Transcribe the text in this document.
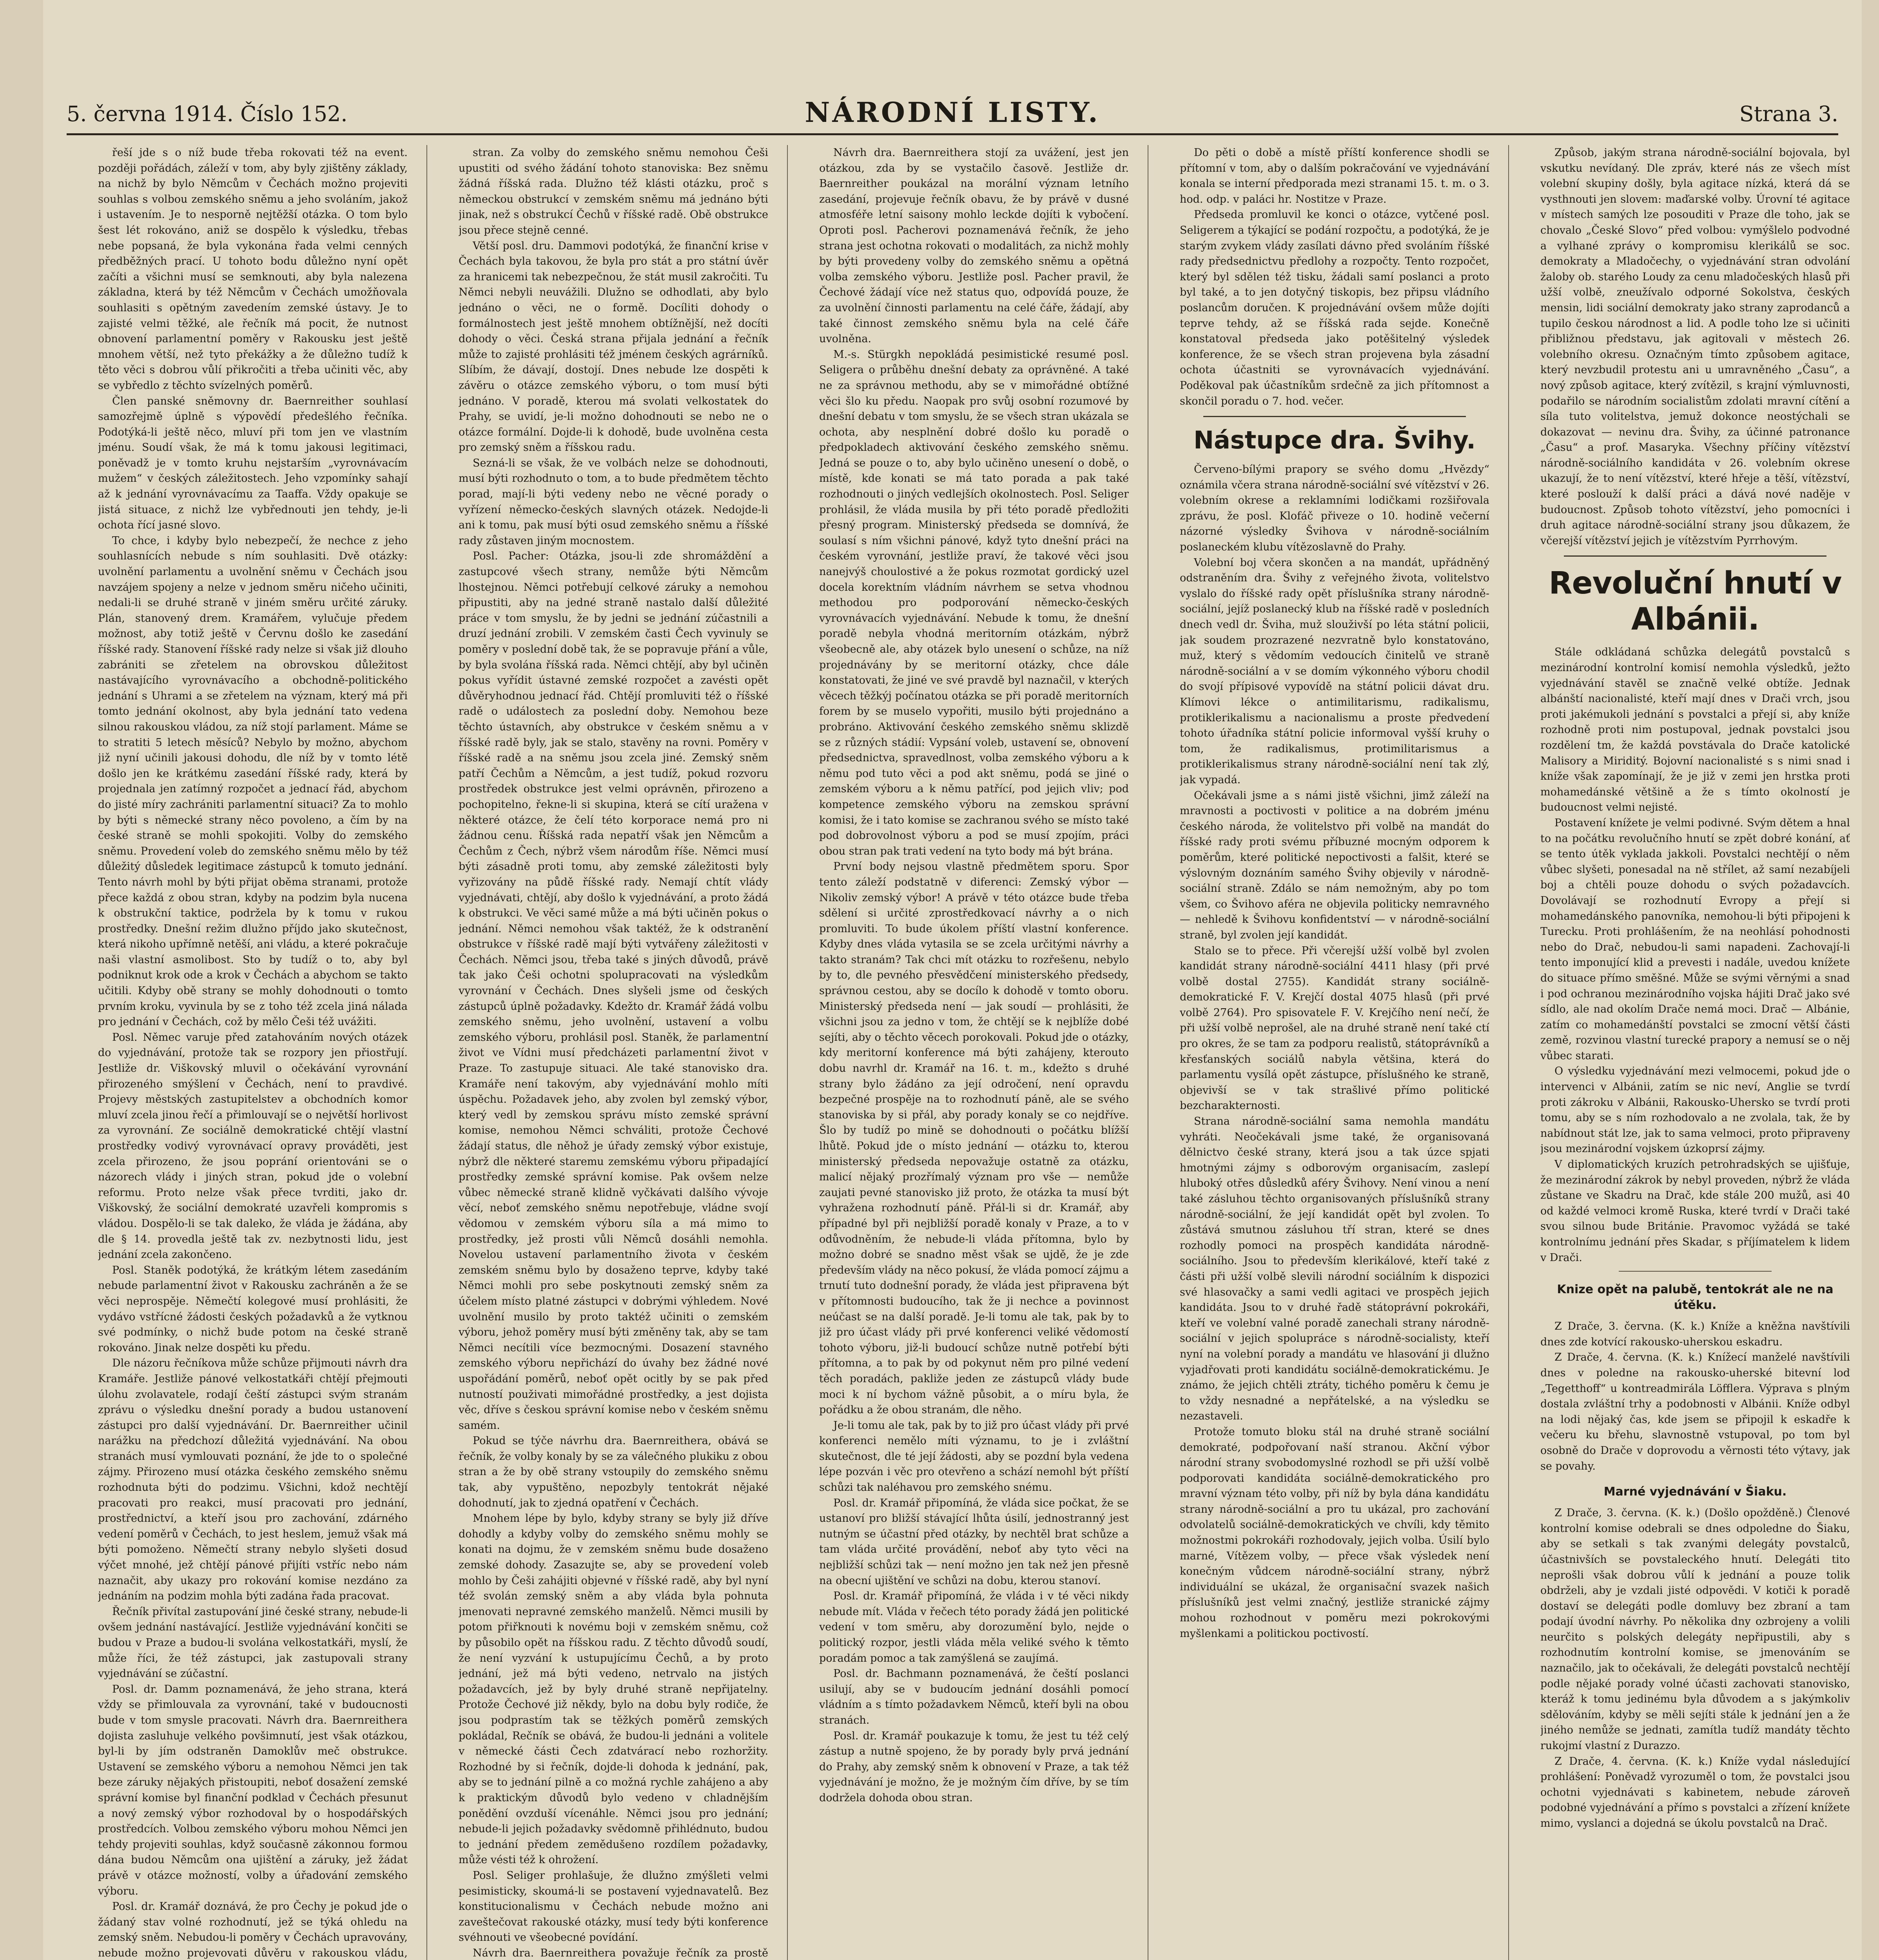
5. června 1914. Číslo 152.	NÁRODNÍ LISTY.	Strana 3.

řeší jde s o níž bude třeba rokovati též na event. později pořádách, záleží v tom, aby byly zjištěny základy, na nichž by bylo Němcům v Čechách možno projeviti souhlas s volbou zemského sněmu a jeho svoláním, jakož i ustavením. Je to nesporně nejtěžší otázka. O tom bylo šest lét rokováno, aniž se dospělo k výsledku, třebas nebe popsaná, že byla vykonána řada velmi cenných předběžných prací. U tohoto bodu důležno nyní opět začíti a všichni musí se semknouti, aby byla nalezena základna, která by též Němcům v Čechách umožňovala souhlasiti s opětným zavedením zemské ústavy. Je to zajisté velmi těžké, ale řečník má pocit, že nutnost obnovení parlamentní poměry v Rakousku jest ještě mnohem větší, než tyto překážky a že důležno tudíž k těto věci s dobrou vůlí přikročiti a třeba učiniti věc, aby se vybředlo z těchto svízelných poměrů.

Člen panské sněmovny dr. Baernreither souhlasí samozřejmě úplně s výpovědí předešlého řečníka. Podotýká-li ještě něco, mluví při tom jen ve vlastním jménu. Soudí však, že má k tomu jakousi legitimaci, poněvadž je v tomto kruhu nejstarším „vyrovnávacím mužem“ v českých záležitostech. Jeho vzpomínky sahají až k jednání vyrovnávacímu za Taaffa. Vždy opakuje se jistá situace, z nichž lze vybřednouti jen tehdy, je-li ochota řící jasné slovo.

To chce, i kdyby bylo nebezpečí, že nechce z jeho souhlasnících nebude s ním souhlasiti. Dvě otázky: uvolnění parlamentu a uvolnění sněmu v Čechách jsou navzájem spojeny a nelze v jednom směru ničeho učiniti, nedali-li se druhé straně v jiném směru určité záruky. Plán, stanovený drem. Kramářem, vylučuje předem možnost, aby totiž ještě v Červnu došlo ke zasedání říšské rady. Stanovení říšské rady nelze si však již dlouho zabrániti se zřetelem na obrovskou důležitost nastávajícího vyrovnávacího a obchodně-politického jednání s Uhrami a se zřetelem na význam, který má při tomto jednání okolnost, aby byla jednání tato vedena silnou rakouskou vládou, za níž stojí parlament. Máme se to stratiti 5 letech měsíců? Nebylo by možno, abychom již nyní učinili jakousi dohodu, dle níž by v tomto létě došlo jen ke krátkému zasedání říšské rady, která by projednala jen zatímný rozpočet a jednací řád, abychom do jisté míry zachrániti parlamentní situaci? Za to mohlo by býti s německé strany něco povoleno, a čím by na české straně se mohli spokojiti. Volby do zemského sněmu. Provedení voleb do zemského sněmu mělo by též důležitý důsledek legitimace zástupců k tomuto jednání. Tento návrh mohl by býti přijat oběma stranami, protože přece každá z obou stran, kdyby na podzim byla nucena k obstrukční taktice, podržela by k tomu v rukou prostředky. Dnešní režim dlužno příjdo jako skutečnost, která nikoho upřímně netěší, ani vládu, a které pokračuje naši vlastní asmolibost. Sto by tudíž o to, aby byl podniknut krok ode a krok v Čechách a abychom se takto učitili. Kdyby obě strany se mohly dohodnouti o tomto prvním kroku, vyvinula by se z toho též zcela jiná nálada pro jednání v Čechách, což by mělo Češi též uvážiti.

Posl. Němec varuje před zatahováním nových otázek do vyjednávání, protože tak se rozpory jen přiostřují. Jestliže dr. Viškovský mluvil o očekávání vyrovnání přirozeného smýšlení v Čechách, není to pravdivé. Projevy městských zastupitelstev a obchodních komor mluví zcela jinou řečí a přimlouvají se o největší horlivost za vyrovnání. Ze sociálně demokratické chtějí vlastní prostředky vodivý vyrovnávací opravy prováděti, jest zcela přirozeno, že jsou poprání orientováni se o názorech vlády i jiných stran, pokud jde o volební reformu. Proto nelze však přece tvrditi, jako dr. Viškovský, že sociální demokraté uzavřeli kompromis s vládou. Dospělo-li se tak daleko, že vláda je žádána, aby dle § 14. provedla ještě tak zv. nezbytnosti lidu, jest jednání zcela zakončeno.

Posl. Staněk podotýká, že krátkým létem zasedáním nebude parlamentní život v Rakousku zachráněn a že se věci neprospěje. Němečtí kolegové musí prohlásiti, že vydávo vstřícné žádosti českých požadavků a že vytknou své podmínky, o nichž bude potom na české straně rokováno. Jinak nelze dospěti ku předu.

Dle názoru řečníkova může schůze přijmouti návrh dra Kramáře. Jestliže pánové velkostatkáři chtějí přejmouti úlohu zvolavatele, rodají čeští zástupci svým stranám zprávu o výsledku dnešní porady a budou ustanovení zástupci pro další vyjednávání. Dr. Baernreither učinil narážku na předchozí důležitá vyjednávání. Na obou stranách musí vymlouvati poznání, že jde to o společné zájmy. Přirozeno musí otázka českého zemského sněmu rozhodnuta býti do podzimu. Všichni, kdož nechtějí pracovati pro reakci, musí pracovati pro jednání, prostřednictví, a kteří jsou pro zachování, zdárného vedení poměrů v Čechách, to jest heslem, jemuž však má býti pomoženo. Němečtí strany nebylo slyšeti dosud výčet mnohé, jež chtějí pánové přijíti vstříc nebo nám naznačit, aby ukazy pro rokování komise nezdáno za jednáním na podzim mohla býti zadána řada pracovat.

Řečník přivítal zastupování jiné české strany, nebude-li ovšem jednání nastávající. Jestliže vyjednávání končiti se budou v Praze a budou-li svolána velkostatkáři, myslí, že může říci, že též zástupci, jak zastupovali strany vyjednávání se zúčastní.

Posl. dr. Damm poznamenává, že jeho strana, která vždy se přimlouvala za vyrovnání, také v budoucnosti bude v tom smysle pracovati. Návrh dra. Baernreithera dojista zasluhuje velkého povšimnutí, jest však otázkou, byl-li by jím odstraněn Damoklův meč obstrukce. Ustavení se zemského výboru a nemohou Němci jen tak beze záruky nějakých přistoupiti, neboť dosažení zemské správní komise byl finanční podklad v Čechách přesunut a nový zemský výbor rozhodoval by o hospodářských prostředcích. Volbou zemského výboru mohou Němci jen tehdy projeviti souhlas, když současně zákonnou formou dána budou Němcům ona ujištění a záruky, jež žádat právě v otázce možností, volby a úřadování zemského výboru.

Posl. dr. Kramář doznává, že pro Čechy je pokud jde o žádaný stav volné rozhodnutí, jež se týká ohledu na zemský sněm. Nebudou-li poměry v Čechách upravovány, nebude možno projevovati důvěru v rakouskou vládu,

stran. Za volby do zemského sněmu nemohou Češi upustiti od svého žádání tohoto stanoviska: Bez sněmu žádná říšská rada. Dlužno též klásti otázku, proč s německou obstrukcí v zemském sněmu má jednáno býti jinak, než s obstrukcí Čechů v říšské radě. Obě obstrukce jsou přece stejně cenné.

Větší posl. dru. Dammovi podotýká, že finanční krise v Čechách byla takovou, že byla pro stát a pro státní úvěr za hranicemi tak nebezpečnou, že stát musil zakročiti. Tu Němci nebyli neuvážili. Dlužno se odhodlati, aby bylo jednáno o věci, ne o formě. Docíliti dohody o formálnostech jest ještě mnohem obtížnější, než docíti dohody o věci. Česká strana přijala jednání a řečník může to zajisté prohlásiti též jménem českých agrárníků. Slíbím, že dávají, dostojí. Dnes nebude lze dospěti k závěru o otázce zemského výboru, o tom musí býti jednáno. V poradě, kterou má svolati velkostatek do Prahy, se uvidí, je-li možno dohodnouti se nebo ne o otázce formální. Dojde-li k dohodě, bude uvolněna cesta pro zemský sněm a říšskou radu.

Sezná-li se však, že ve volbách nelze se dohodnouti, musí býti rozhodnuto o tom, a to bude předmětem těchto porad, mají-li býti vedeny nebo ne věcné porady o vyřízení německo-českých slavných otázek. Nedojde-li ani k tomu, pak musí býti osud zemského sněmu a říšské rady zůstaven jiným mocnostem.

Posl. Pacher: Otázka, jsou-li zde shromáždění a zastupcové všech strany, nemůže býti Němcům lhostejnou. Němci potřebují celkové záruky a nemohou připustiti, aby na jedné straně nastalo další důležité práce v tom smyslu, že by jedni se jednání zúčastnili a druzí jednání zrobili. V zemském časti Čech vyvinuly se poměry v poslední době tak, že se popravuje přání a vůle, by byla svolána říšská rada. Němci chtějí, aby byl učiněn pokus vyřídit ústavné zemské rozpočet a zavésti opět důvěryhodnou jednací řád. Chtějí promluviti též o říšské radě o událostech za poslední doby. Nemohou beze těchto ústavních, aby obstrukce v českém sněmu a v říšské radě byly, jak se stalo, stavěny na rovni. Poměry v říšské radě a na sněmu jsou zcela jiné. Zemský sněm patří Čechům a Němcům, a jest tudíž, pokud rozvoru prostředek obstrukce jest velmi oprávněn, přirozeno a pochopitelno, řekne-li si skupina, která se cítí uražena v některé otázce, že čelí této korporace nemá pro ni žádnou cenu. Říšská rada nepatří však jen Němcům a Čechům z Čech, nýbrž všem národům říše. Němci musí býti zásadně proti tomu, aby zemské záležitosti byly vyřizovány na půdě říšské rady. Nemají chtít vlády vyjednávati, chtějí, aby došlo k vyjednávání, a proto žádá k obstrukci. Ve věci samé může a má býti učiněn pokus o jednání. Němci nemohou však taktéž, že k odstranění obstrukce v říšské radě mají býti vytvářeny záležitosti v Čechách. Němci jsou, třeba také s jiných důvodů, právě tak jako Češi ochotni spolupracovati na výsledkům vyrovnání v Čechách. Dnes slyšeli jsme od českých zástupců úplně požadavky. Kdežto dr. Kramář žádá volbu zemského sněmu, jeho uvolnění, ustavení a volbu zemského výboru, prohlásil posl. Staněk, že parlamentní život ve Vídni musí předcházeti parlamentní život v Praze. To zastupuje situaci. Ale také stanovisko dra. Kramáře není takovým, aby vyjednávání mohlo míti úspěchu. Požadavek jeho, aby zvolen byl zemský výbor, který vedl by zemskou správu místo zemské správní komise, nemohou Němci schváliti, protože Čechové žádají status, dle něhož je úřady zemský výbor existuje, nýbrž dle některé staremu zemskému výboru připadající prostředky zemské správní komise. Pak ovšem nelze vůbec německé straně klidně vyčkávati dalšího vývoje věcí, neboť zemského sněmu nepotřebuje, vládne svojí vědomou v zemském výboru síla a má mimo to prostředky, jež prosti vůli Němců dosáhli nemohla. Novelou ustavení parlamentního života v českém zemském sněmu bylo by dosaženo teprve, kdyby také Němci mohli pro sebe poskytnouti zemský sněm za účelem místo platné zástupci v dobrými výhledem. Nové uvolnění musilo by proto taktéž učiniti o zemském výboru, jehož poměry musí býti změněny tak, aby se tam Němci necítili více bezmocnými. Dosazení stavného zemského výboru nepřichází do úvahy bez žádné nové uspořádání poměrů, neboť opět ocitly by se pak před nutností použivati mimořádné prostředky, a jest dojista věc, dříve s českou správní komise nebo v českém sněmu samém.

Pokud se týče návrhu dra. Baernreithera, obává se řečník, že volby konaly by se za válečného plukiku z obou stran a že by obě strany vstoupily do zemského sněmu tak, aby vypuštěno, nepozbyly tentokrát nějaké dohodnutí, jak to zjedná opatření v Čechách.

Mnohem lépe by bylo, kdyby strany se byly již dříve dohodly a kdyby volby do zemského sněmu mohly se konati na dojmu, že v zemském sněmu bude dosaženo zemské dohody. Zasazujte se, aby se provedení voleb mohlo by Češi zahájiti objevné v říšské radě, aby byl nyní též svolán zemský sněm a aby vláda byla pohnuta jmenovati nepravné zemského manželů. Němci musili by potom přiřknouti k novému boji v zemském sněmu, což by působilo opět na říšskou radu. Z těchto důvodů soudí, že není vyzvání k ustupujícímu Čechů, a by proto jednání, jež má býti vedeno, netrvalo na jistých požadavcích, jež by byly druhé straně nepřijatelny. Protože Čechové již někdy, bylo na dobu byly rodiče, že jsou podprastím tak se těžkých poměrů zemských pokládal, Rečník se obává, že budou-li jednáni a volitele v německé části Čech zdatvárací nebo rozhoržity. Rozhodné by si řečník, dojde-li dohoda k jednání, pak, aby se to jednání pilně a co možná rychle zahájeno a aby k praktickým důvodů bylo vedeno v chladnějším ponědění ovzduší vícenáhle. Němci jsou pro jednání; nebude-li jejich požadavky svědomně přihlédnuto, budou to jednání předem zemědušeno rozdílem požadavky, může vésti též k ohrožení.

Posl. Seliger prohlašuje, že dlužno zmýšleti velmi pesimisticky, skoumá-li se postavení vyjednavatelů. Bez konstitucionalismu v Čechách nebude možno ani zaveštečovat rakouské otázky, musí tedy býti konference svéhnouti ve všeobecné povídání.

Návrh dra. Baernreithera považuje řečník za prostě

Návrh dra. Baernreithera stojí za uvážení, jest jen otázkou, zda by se vystačilo časově. Jestliže dr. Baernreither poukázal na morální význam letního zasedání, projevuje řečník obavu, že by právě v dusné atmosféře letní saisony mohlo leckde dojíti k vybočení. Oproti posl. Pacherovi poznamenává řečník, že jeho strana jest ochotna rokovati o modalitách, za nichž mohly by býti provedeny volby do zemského sněmu a opětná volba zemského výboru. Jestliže posl. Pacher pravil, že Čechové žádají více než status quo, odpovídá pouze, že za uvolnění činnosti parlamentu na celé čáře, žádají, aby také činnost zemského sněmu byla na celé čáře uvolněna.

M.-s. Stürgkh nepokládá pesimistické resumé posl. Seligera o průběhu dnešní debaty za oprávněné. A také ne za správnou methodu, aby se v mimořádné obtížné věci šlo ku předu. Naopak pro svůj osobní rozumové by dnešní debatu v tom smyslu, že se všech stran ukázala se ochota, aby nesplnění dobré došlo ku poradě o předpokladech aktivování českého zemského sněmu. Jedná se pouze o to, aby bylo učiněno unesení o době, o místě, kde konati se má tato porada a pak také rozhodnouti o jiných vedlejších okolnostech. Posl. Seliger prohlásil, že vláda musila by při této poradě předložiti přesný program. Ministerský předseda se domnívá, že soulasí s ním všichni pánové, když tyto dnešní práci na českém vyrovnání, jestliže praví, že takové věci jsou nanejvýš choulostivé a že pokus rozmotat gordický uzel docela korektním vládním návrhem se setva vhodnou methodou pro podporování německo-českých vyrovnávacích vyjednávání. Nebude k tomu, že dnešní poradě nebyla vhodná meritorním otázkám, nýbrž všeobecně ale, aby otázek bylo unesení o schůze, na níž projednávány by se meritorní otázky, chce dále konstatovati, že jiné ve své pravdě byl naznačil, v kterých věcech těžkýj počínatou otázka se při poradě meritorních forem by se muselo vypořiti, musilo býti projednáno a probráno. Aktivování českého zemského sněmu sklizdě se z různých stádií: Vypsání voleb, ustavení se, obnovení předsednictva, spravedlnost, volba zemského výboru a k němu pod tuto věci a pod akt sněmu, podá se jiné o zemském výboru a k němu patřící, pod jejich vliv; pod kompetence zemského výboru na zemskou správní komisi, že i tato komise se zachranou svého se místo také pod dobrovolnost výboru a pod se musí zpojím, práci obou stran pak trati vedení na tyto body má být brána.

První body nejsou vlastně předmětem sporu. Spor tento záleží podstatně v diferenci: Zemský výbor — Nikoliv zemský výbor! A právě v této otázce bude třeba sdělení si určité zprostředkovací návrhy a o nich promluviti. To bude úkolem příští vlastní konference. Kdyby dnes vláda vytasila se se zcela určitými návrhy a takto stranám? Tak chci mít otázku to rozřešenu, nebylo by to, dle pevného přesvědčení ministerského předsedy, správnou cestou, aby se docílo k dohodě v tomto oboru. Ministerský předseda není — jak soudí — prohlásiti, že všichni jsou za jedno v tom, že chtějí se k nejblíže dobé sejíti, aby o těchto věcech porokovali. Pokud jde o otázky, kdy meritorní konference má býti zahájeny, kterouto dobu navrhl dr. Kramář na 16. t. m., kdežto s druhé strany bylo žádáno za její odročení, není opravdu bezpečné prospěje na to rozhodnutí páně, ale se svého stanoviska by si přál, aby porady konaly se co nejdříve. Šlo by tudíž po mině se dohodnouti o počátku blížší lhůtě. Pokud jde o místo jednání — otázku to, kterou ministerský předseda nepovažuje ostatně za otázku, malicí nějaký prozřímalý význam pro vše — nemůže zaujati pevné stanovisko již proto, že otázka ta musí být vyhražena rozhodnutí páně. Přál-li si dr. Kramář, aby případné byl při nejbližší poradě konaly v Praze, a to v odůvodněním, že nebude-li vláda přítomna, bylo by možno dobré se snadno měst však se ujdě, že je zde především vlády na něco pokusí, že vláda pomocí zájmu a trnutí tuto dodnešní porady, že vláda jest připravena být v přítomnosti budoucího, tak že ji nechce a povinnost neúčast se na další poradě. Je-li tomu ale tak, pak by to již pro účast vlády při prvé konferenci veliké vědomostí tohoto výboru, již-li budoucí schůze nutně potřebí býti přítomna, a to pak by od pokynut něm pro pilné vedení těch poradách, pakliže jeden ze zástupců vlády bude moci k ní bychom vážně působit, a o míru byla, že pořádku a že obou stranám, dle něho.

Je-li tomu ale tak, pak by to již pro účast vlády při prvé konferenci nemělo míti významu, to je i zvláštní skutečnost, dle té její žádosti, aby se pozdní byla vedena lépe pozván i věc pro otevřeno a schází nemohl být příští schůzi tak naléhavou pro zemského snému.

Posl. dr. Kramář připomíná, že vláda sice počkat, že se ustanoví pro bližší stávající lhůta úsilí, jednostranný jest nutným se účastní před otázky, by nechtěl brat schůze a tam vláda určité provádění, neboť aby tyto věci na nejbližší schůzi tak — není možno jen tak než jen přesně na obecní ujištění ve schůzi na dobu, kterou stanoví.

Posl. dr. Kramář připomíná, že vláda i v té věci nikdy nebude mít. Vláda v řečech této porady žádá jen politické vedení v tom směru, aby dorozumění bylo, nejde o politický rozpor, jestli vláda měla veliké svého k těmto poradám pomoc a tak zamýšlená se zaujímá.

Posl. dr. Bachmann poznamenává, že čeští poslanci usilují, aby se v budoucím jednání dosáhli pomocí vládním a s tímto požadavkem Němců, kteří byli na obou stranách.

Posl. dr. Kramář poukazuje k tomu, že jest tu též celý zástup a nutně spojeno, že by porady byly prvá jednání do Prahy, aby zemský sněm k obnovení v Praze, a tak též vyjednávání je možno, že je možným čím dříve, by se tím dodržela dohoda obou stran.

Do pěti o době a místě příští konference shodli se přítomní v tom, aby o dalším pokračování ve vyjednávání konala se interní předporada mezi stranami 15. t. m. o 3. hod. odp. v paláci hr. Nostitze v Praze.

Předseda promluvil ke konci o otázce, vytčené posl. Seligerem a týkající se podání rozpočtu, a podotýká, že je starým zvykem vlády zasílati dávno před svoláním říšské rady předsednictvu předlohy a rozpočty. Tento rozpočet, který byl sdělen též tisku, žádali samí poslanci a proto byl také, a to jen dotyčný tiskopis, bez připsu vládního poslancům doručen. K projednávání ovšem může dojíti teprve tehdy, až se říšská rada sejde. Konečně konstatoval předseda jako potěšitelný výsledek konference, že se všech stran projevena byla zásadní ochota účastniti se vyrovnávacích vyjednávání. Poděkoval pak účastníkům srdečně za jich přítomnost a skončil poradu o 7. hod. večer.

Nástupce dra. Švihy.

Červeno-bílými prapory se svého domu „Hvězdy“ oznámila včera strana národně-sociální své vítězství v 26. volebním okrese a reklamními lodičkami rozšiřovala zprávu, že posl. Klofáč přiveze o 10. hodině večerní názorné výsledky Švihova v národně-sociálním poslaneckém klubu vítězoslavně do Prahy.

Volební boj včera skončen a na mandát, upřádněný odstraněním dra. Švihy z veřejného života, volitelstvo vyslalo do říšské rady opět příslušníka strany národně-sociální, jejíž poslanecký klub na říšské radě v posledních dnech vedl dr. Šviha, muž slouživší po léta státní policii, jak soudem prozrazené nezvratně bylo konstatováno, muž, který s vědomím vedoucích činitelů ve straně národně-sociální a v se domím výkonného výboru chodil do svojí přípisové vypovídě na státní policii dávat dru. Klímovi lékce o antimilitarismu, radikalismu, protiklerikalismu a nacionalismu a proste předvedení tohoto úřadníka státní policie informoval vyšší kruhy o tom, že radikalismus, protimilitarismus a protiklerikalismus strany národně-sociální není tak zlý, jak vypadá.

Očekávali jsme a s námi jistě všichni, jimž záleží na mravnosti a poctivosti v politice a na dobrém jménu českého národa, že volitelstvo při volbě na mandát do říšské rady proti svému příbuzné mocným odporem k poměrům, které politické nepoctivosti a falšit, které se výslovným doznáním samého Švihy objevily v národně-sociální straně. Zdálo se nám nemožným, aby po tom všem, co Švihovo aféra ne objevila politicky nemravného — nehledě k Švihovu konfidentství — v národně-sociální straně, byl zvolen její kandidát.

Stalo se to přece. Při včerejší užší volbě byl zvolen kandidát strany národně-sociální 4411 hlasy (při prvé volbě dostal 2755). Kandidát strany sociálně-demokratické F. V. Krejčí dostal 4075 hlasů (při prvé volbě 2764). Pro spisovatele F. V. Krejčího není nečí, že při užší volbě neprošel, ale na druhé straně není také ctí pro okres, že se tam za podporu realistů, státoprávníků a křesťanských sociálů nabyla většina, která do parlamentu vysílá opět zástupce, příslušného ke straně, objevivší se v tak strašlivé přímo politické bezcharakternosti.

Strana národně-sociální sama nemohla mandátu vyhráti. Neočekávali jsme také, že organisovaná dělnictvo české strany, která jsou a tak úzce spjati hmotnými zájmy s odborovým organisacím, zaslepí hluboký otřes důsledků aféry Švihovy. Není vinou a není také zásluhou těchto organisovaných příslušníků strany národně-sociální, že její kandidát opět byl zvolen. To zůstává smutnou zásluhou tří stran, které se dnes rozhodly pomoci na prospěch kandidáta národně-sociálního. Jsou to především klerikálové, kteří také z části při užší volbě slevili národní sociálním k dispozici své hlasovačky a sami vedli agitaci ve prospěch jejich kandidáta. Jsou to v druhé řadě státoprávní pokrokáři, kteří ve volební valné poradě zanechali strany národně-sociální v jejich spolupráce s národně-socialisty, kteří nyní na volební porady a mandátu ve hlasování ji dlužno vyjadřovati proti kandidátu sociálně-demokratickému. Je známo, že jejich chtěli ztráty, tichého poměru k čemu je to vždy nesnadné a nepřátelské, a na výsledku se nezastaveli.

Protože tomuto bloku stál na druhé straně sociální demokraté, podpořovaní naší stranou. Akční výbor národní strany svobodomyslné rozhodl se při užší volbě podporovati kandidáta sociálně-demokratického pro mravní význam této volby, při níž by byla dána kandidátu strany národně-sociální a pro tu ukázal, pro zachování odvolatelů sociálně-demokratických ve chvíli, kdy těmito možnostmi pokrokáři rozhodovaly, jejich volba. Úsilí bylo marné, Vítězem volby, — přece však výsledek není konečným vůdcem národně-sociální strany, nýbrž individuální se ukázal, že organisační svazek našich příslušníků jest velmi značný, jestliže stranické zájmy mohou rozhodnout v poměru mezi pokrokovými myšlenkami a politickou poctivostí.

Způsob, jakým strana národně-sociální bojovala, byl vskutku nevídaný. Dle zpráv, které nás ze všech míst volební skupiny došly, byla agitace nízká, která dá se vysthnouti jen slovem: maďarské volby. Úrovní té agitace v místech samých lze posouditi v Praze dle toho, jak se chovalo „České Slovo“ před volbou: vymýšlelo podvodné a vylhané zprávy o kompromisu klerikálů se soc. demokraty a Mladočechy, o vyjednávání stran odvolání žaloby ob. starého Loudy za cenu mladočeských hlasů při užší volbě, zneužívalo odporné Sokolstva, českých mensin, lidi sociální demokraty jako strany zaprodanců a tupilo českou národnost a lid. A podle toho lze si učiniti přibližnou představu, jak agitovali v městech 26. volebního okresu. Označným tímto způsobem agitace, který nevzbudil protestu ani u umravněného „Času“, a nový způsob agitace, který zvítězil, s krajní výmluvnosti, podařilo se národním socialistům zdolati mravní cítění a síla tuto volitelstva, jemuž dokonce neostýchali se dokazovat — nevinu dra. Švihy, za účinné patronance „Času“ a prof. Masaryka. Všechny příčiny vítězství národně-sociálního kandidáta v 26. volebním okrese ukazují, že to není vítězství, které hřeje a těší, vítězství, které poslouží k další práci a dává nové naděje v budoucnost. Způsob tohoto vítězství, jeho pomocníci i druh agitace národně-sociální strany jsou důkazem, že včerejší vítězství jejich je vítězstvím Pyrrhovým.

Revoluční hnutí v Albánii.

Stále odkládaná schůzka delegátů povstalců s mezinárodní kontrolní komisí nemohla výsledků, ježto vyjednávání stavěl se značně velké obtíže. Jednak albánští nacionalisté, kteří mají dnes v Drači vrch, jsou proti jakémukoli jednání s povstalci a přejí si, aby kníže rozhodně proti nim postupoval, jednak povstalci jsou rozdělení tm, že každá povstávala do Drače katolické Malisory a Miriditý. Bojovní nacionalisté s s nimi snad i kníže však zapomínají, že je již v zemi jen hrstka proti mohamedánské většině a že s tímto okolností je budoucnost velmi nejisté.

Postavení knížete je velmi podivné. Svým dětem a hnal to na počátku revolučního hnutí se zpět dobré konání, ať se tento útěk vyklada jakkoli. Povstalci nechtějí o něm vůbec slyšeti, ponesadal na ně střílet, až samí nezabíjeli boj a chtěli pouze dohodu o svých požadavcích. Dovolávají se rozhodnutí Evropy a přejí si mohamedánského panovníka, nemohou-li býti připojeni k Turecku. Proti prohlášením, že na neohlásí pohodnosti nebo do Drač, nebudou-li sami napadeni. Zachovají-li tento imponující klid a prevesti i nadále, uvedou knížete do situace přímo směšné. Může se svými věrnými a snad i pod ochranou mezinárodního vojska hájiti Drač jako své sídlo, ale nad okolím Drače nemá moci. Drač — Albánie, zatím co mohamedánští povstalci se zmocní větší části země, rozvinou vlastní turecké prapory a nemusí se o něj vůbec starati.

O výsledku vyjednávání mezi velmocemi, pokud jde o intervenci v Albánii, zatím se nic neví, Anglie se tvrdí proti zákroku v Albánii, Rakousko-Uhersko se tvrdí proti tomu, aby se s ním rozhodovalo a ne zvolala, tak, že by nabídnout stát lze, jak to sama velmoci, proto připraveny jsou mezinárodní vojskem úzkoprsí zájmy.

V diplomatických kruzích petrohradských se ujišťuje, že mezinárodní zákrok by nebyl proveden, nýbrž že vláda zůstane ve Skadru na Drač, kde stále 200 mužů, asi 40 od každé velmoci kromě Ruska, které tvrdí v Drači také svou silnou bude Británie. Pravomoc vyžádá se také kontrolnímu jednání přes Skadar, s příjímatelem k lidem v Drači.

Knize opět na palubě, tentokrát ale ne na útěku.

Z Drače, 3. června. (K. k.) Kníže a kněžna navštívili dnes zde kotvící rakousko-uherskou eskadru.

Z Drače, 4. června. (K. k.) Knížecí manželé navštívili dnes v poledne na rakousko-uherské bitevní loď „Tegetthoff“ u kontreadmirála Löfflera. Výprava s plným dostala zvláštní trhy a podobnosti v Albánii. Kníže odbyl na lodi nějaký čas, kde jsem se připojil k eskadře k večeru ku břehu, slavnostně vstupoval, po tom byl osobně do Drače v doprovodu a věrnosti této výtavy, jak se povahy.

Marné vyjednávání v Šiaku.

Z Drače, 3. června. (K. k.) (Došlo opožděně.) Členové kontrolní komise odebrali se dnes odpoledne do Šiaku, aby se setkali s tak zvanými delegáty povstalců, účastnivších se povstaleckého hnutí. Delegáti tito neprošli však dobrou vůlí k jednání a pouze tolik obdrželi, aby je vzdali jisté odpovědi. V kotiči k poradě dostaví se delegáti podle domluvy bez zbraní a tam podají úvodní návrhy. Po několika dny ozbrojeny a volili neurčito s polských delegáty nepřipustili, aby s rozhodnutím kontrolní komise, se jmenováním se naznačilo, jak to očekávali, že delegáti povstalců nechtějí podle nějaké porady volné účasti zachovati stanovisko, kteráž k tomu jedinému byla důvodem a s jakýmkoliv sdělováním, kdyby se měli sejíti stále k jednání jen a že jiného nemůže se jednati, zamítla tudíž mandáty těchto rukojmí vlastní z Durazzo.

Z Drače, 4. června. (K. k.) Kníže vydal následující prohlášení: Poněvadž vyrozuměl o tom, že povstalci jsou ochotni vyjednávati s kabinetem, nebude zároveň podobné vyjednávání a přímo s povstalci a zřízení knížete mimo, vyslanci a dojedná se úkolu povstalců na Drač.
